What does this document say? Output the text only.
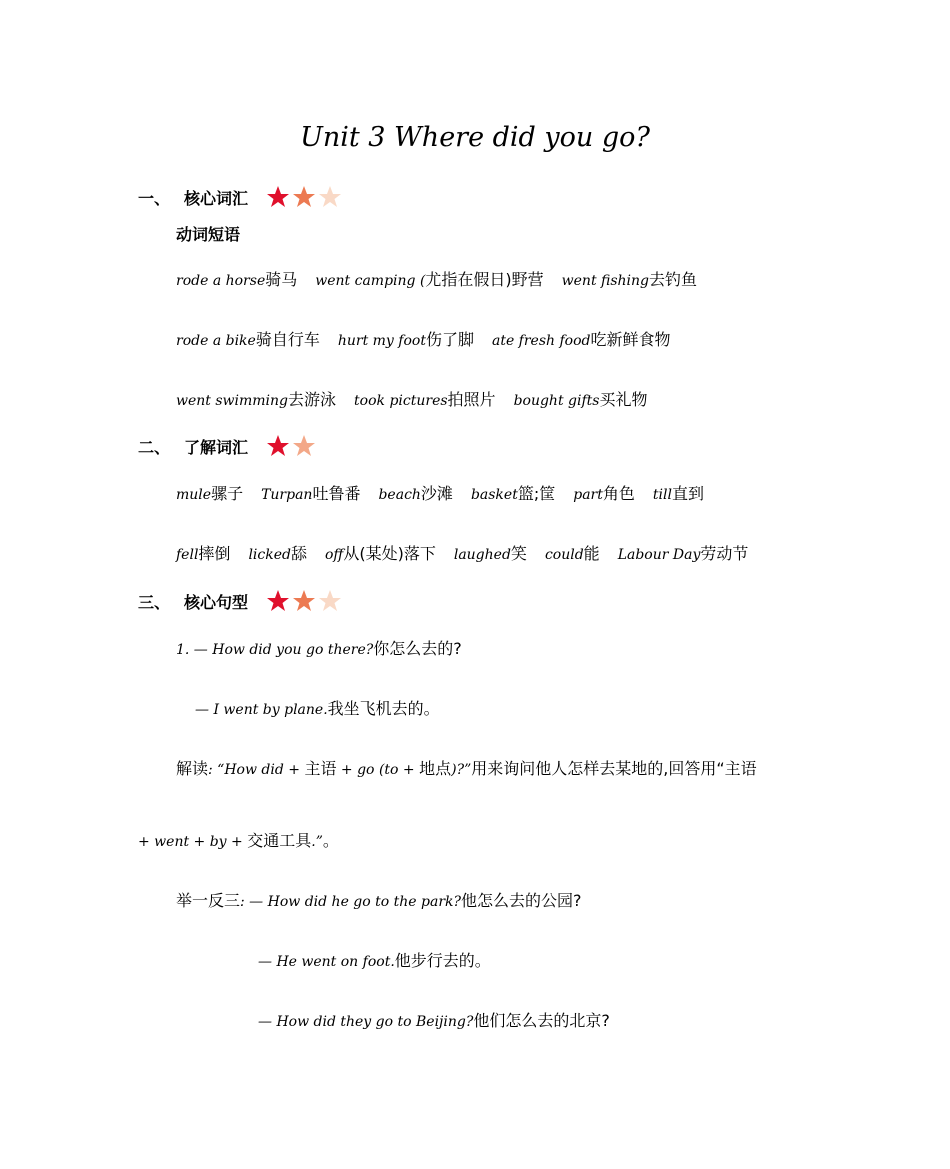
Unit 3 Where did you go?
一、 核心词汇
动词短语
rode a horse骑马 went camping (尤指在假日)野营 went fishing去钓鱼
rode a bike骑自行车 hurt my foot伤了脚 ate fresh food吃新鲜食物
went swimming去游泳 took pictures拍照片 bought gifts买礼物
二、 了解词汇
mule骡子 Turpan吐鲁番 beach沙滩 basket篮;筐 part角色 till直到
fell摔倒 licked舔 off从(某处)落下 laughed笑 could能 Labour Day劳动节
三、 核心句型
1. — How did you go there?你怎么去的?
— I went by plane.我坐飞机去的。
解读: “How did + 主语 + go (to + 地点)?”用来询问他人怎样去某地的,回答用“主语
+ went + by + 交通工具.”。
举一反三: — How did he go to the park?他怎么去的公园?
— He went on foot.他步行去的。
— How did they go to Beijing?他们怎么去的北京?
